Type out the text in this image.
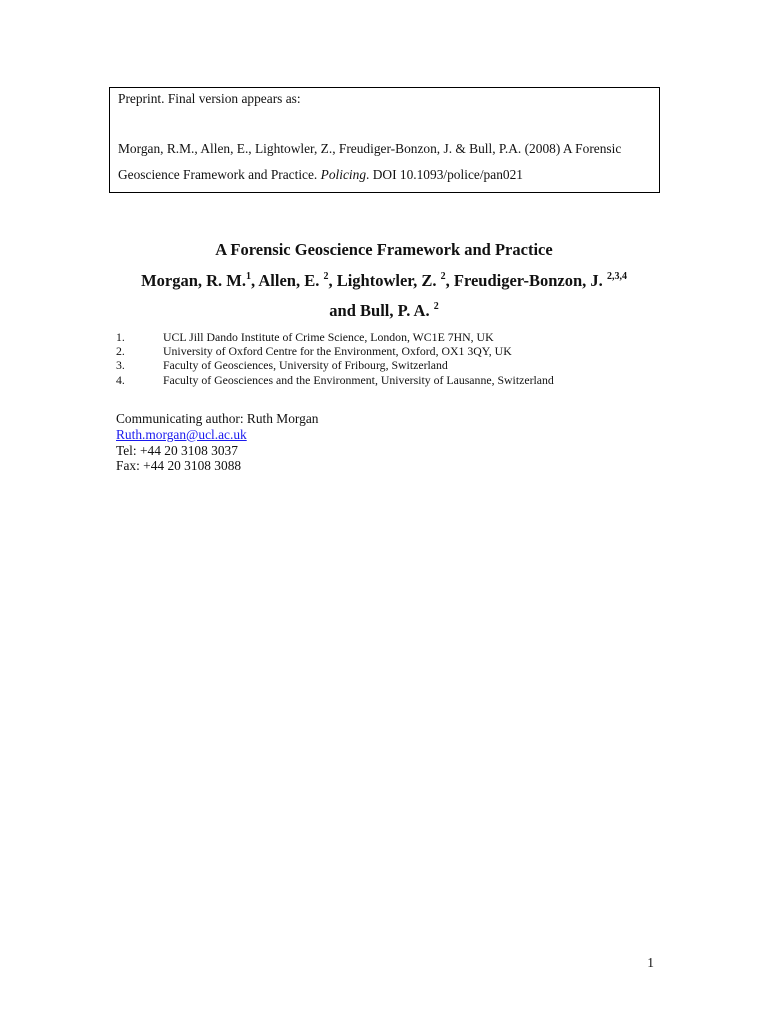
Preprint. Final version appears as:
Morgan, R.M., Allen, E., Lightowler, Z., Freudiger-Bonzon, J. & Bull, P.A. (2008) A Forensic Geoscience Framework and Practice. Policing. DOI 10.1093/police/pan021
A Forensic Geoscience Framework and Practice
Morgan, R. M.$^1$, Allen, E. $^2$, Lightowler, Z. $^2$, Freudiger-Bonzon, J. $^{2,3,4}$
and Bull, P. A. $^2$
1.	UCL Jill Dando Institute of Crime Science, London, WC1E 7HN, UK
2.	University of Oxford Centre for the Environment, Oxford, OX1 3QY, UK
3.	Faculty of Geosciences, University of Fribourg, Switzerland
4.	Faculty of Geosciences and the Environment, University of Lausanne, Switzerland
Communicating author: Ruth Morgan
Ruth.morgan@ucl.ac.uk
Tel: +44 20 3108 3037
Fax: +44 20 3108 3088
1
